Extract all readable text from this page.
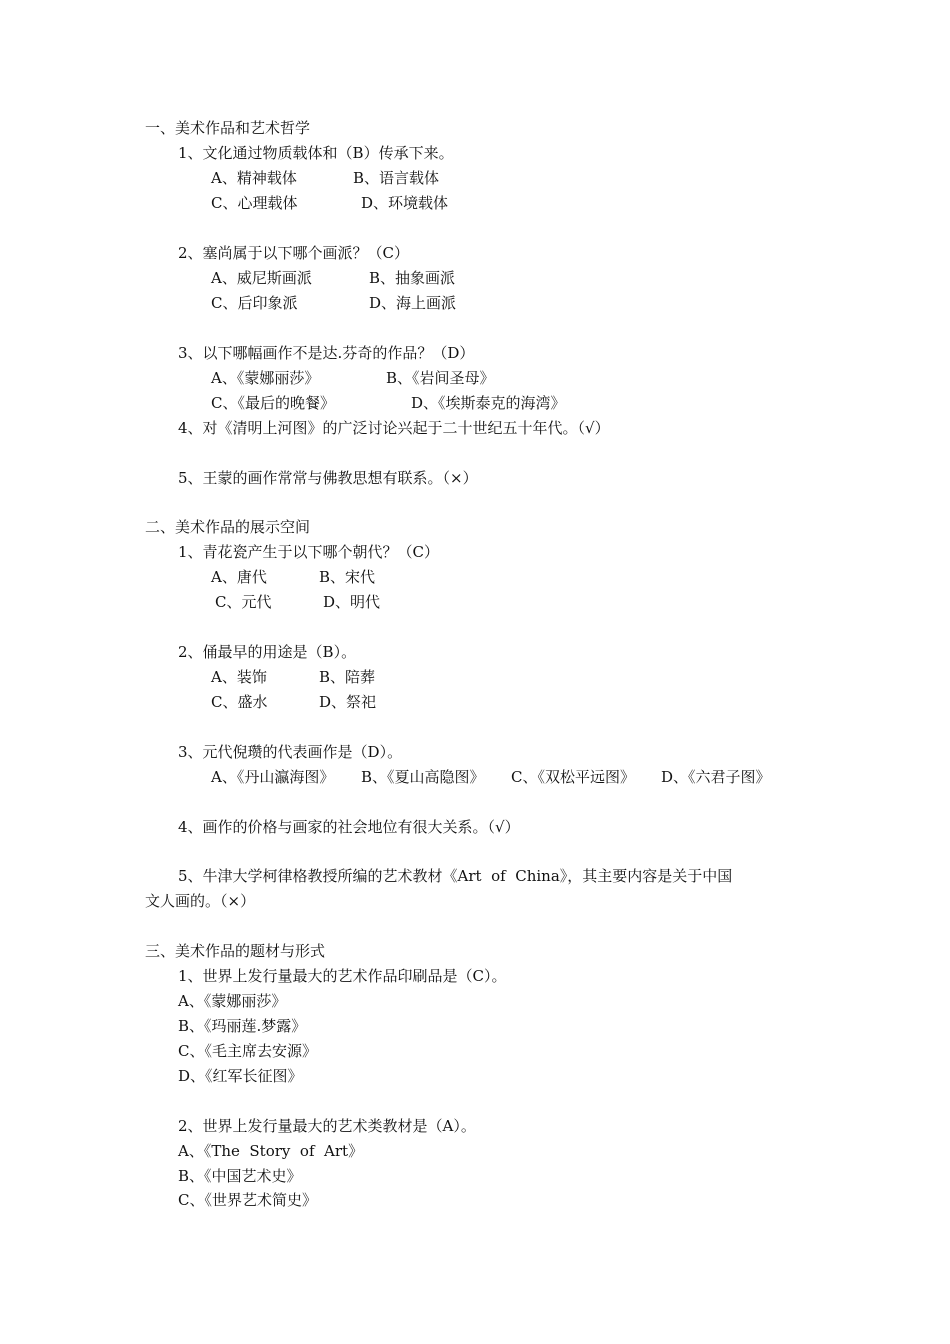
一、美术作品和艺术哲学
1、文化通过物质载体和（B）传承下来。
A、精神载体	B、语言载体
C、心理载体	D、环境载体
2、塞尚属于以下哪个画派？（C）
A、威尼斯画派	B、抽象画派
C、后印象派	D、海上画派
3、以下哪幅画作不是达.芬奇的作品？（D）
A、《蒙娜丽莎》	B、《岩间圣母》
C、《最后的晚餐》	D、《埃斯泰克的海湾》
4、对《清明上河图》的广泛讨论兴起于二十世纪五十年代。（√）
5、王蒙的画作常常与佛教思想有联系。（×）
二、美术作品的展示空间
1、青花瓷产生于以下哪个朝代？（C）
A、唐代	B、宋代
C、元代	D、明代
2、俑最早的用途是（B）。
A、装饰	B、陪葬
C、盛水	D、祭祀
3、元代倪瓒的代表画作是（D）。
A、《丹山瀛海图》 B、《夏山高隐图》 C、《双松平远图》 D、《六君子图》
4、画作的价格与画家的社会地位有很大关系。（√）
5、牛津大学柯律格教授所编的艺术教材《Art  of  China》，其主要内容是关于中国
文人画的。（×）
三、美术作品的题材与形式
1、世界上发行量最大的艺术作品印刷品是（C）。
A、《蒙娜丽莎》
B、《玛丽莲.梦露》
C、《毛主席去安源》
D、《红军长征图》
2、世界上发行量最大的艺术类教材是（A）。
A、《The  Story  of  Art》
B、《中国艺术史》
C、《世界艺术简史》
